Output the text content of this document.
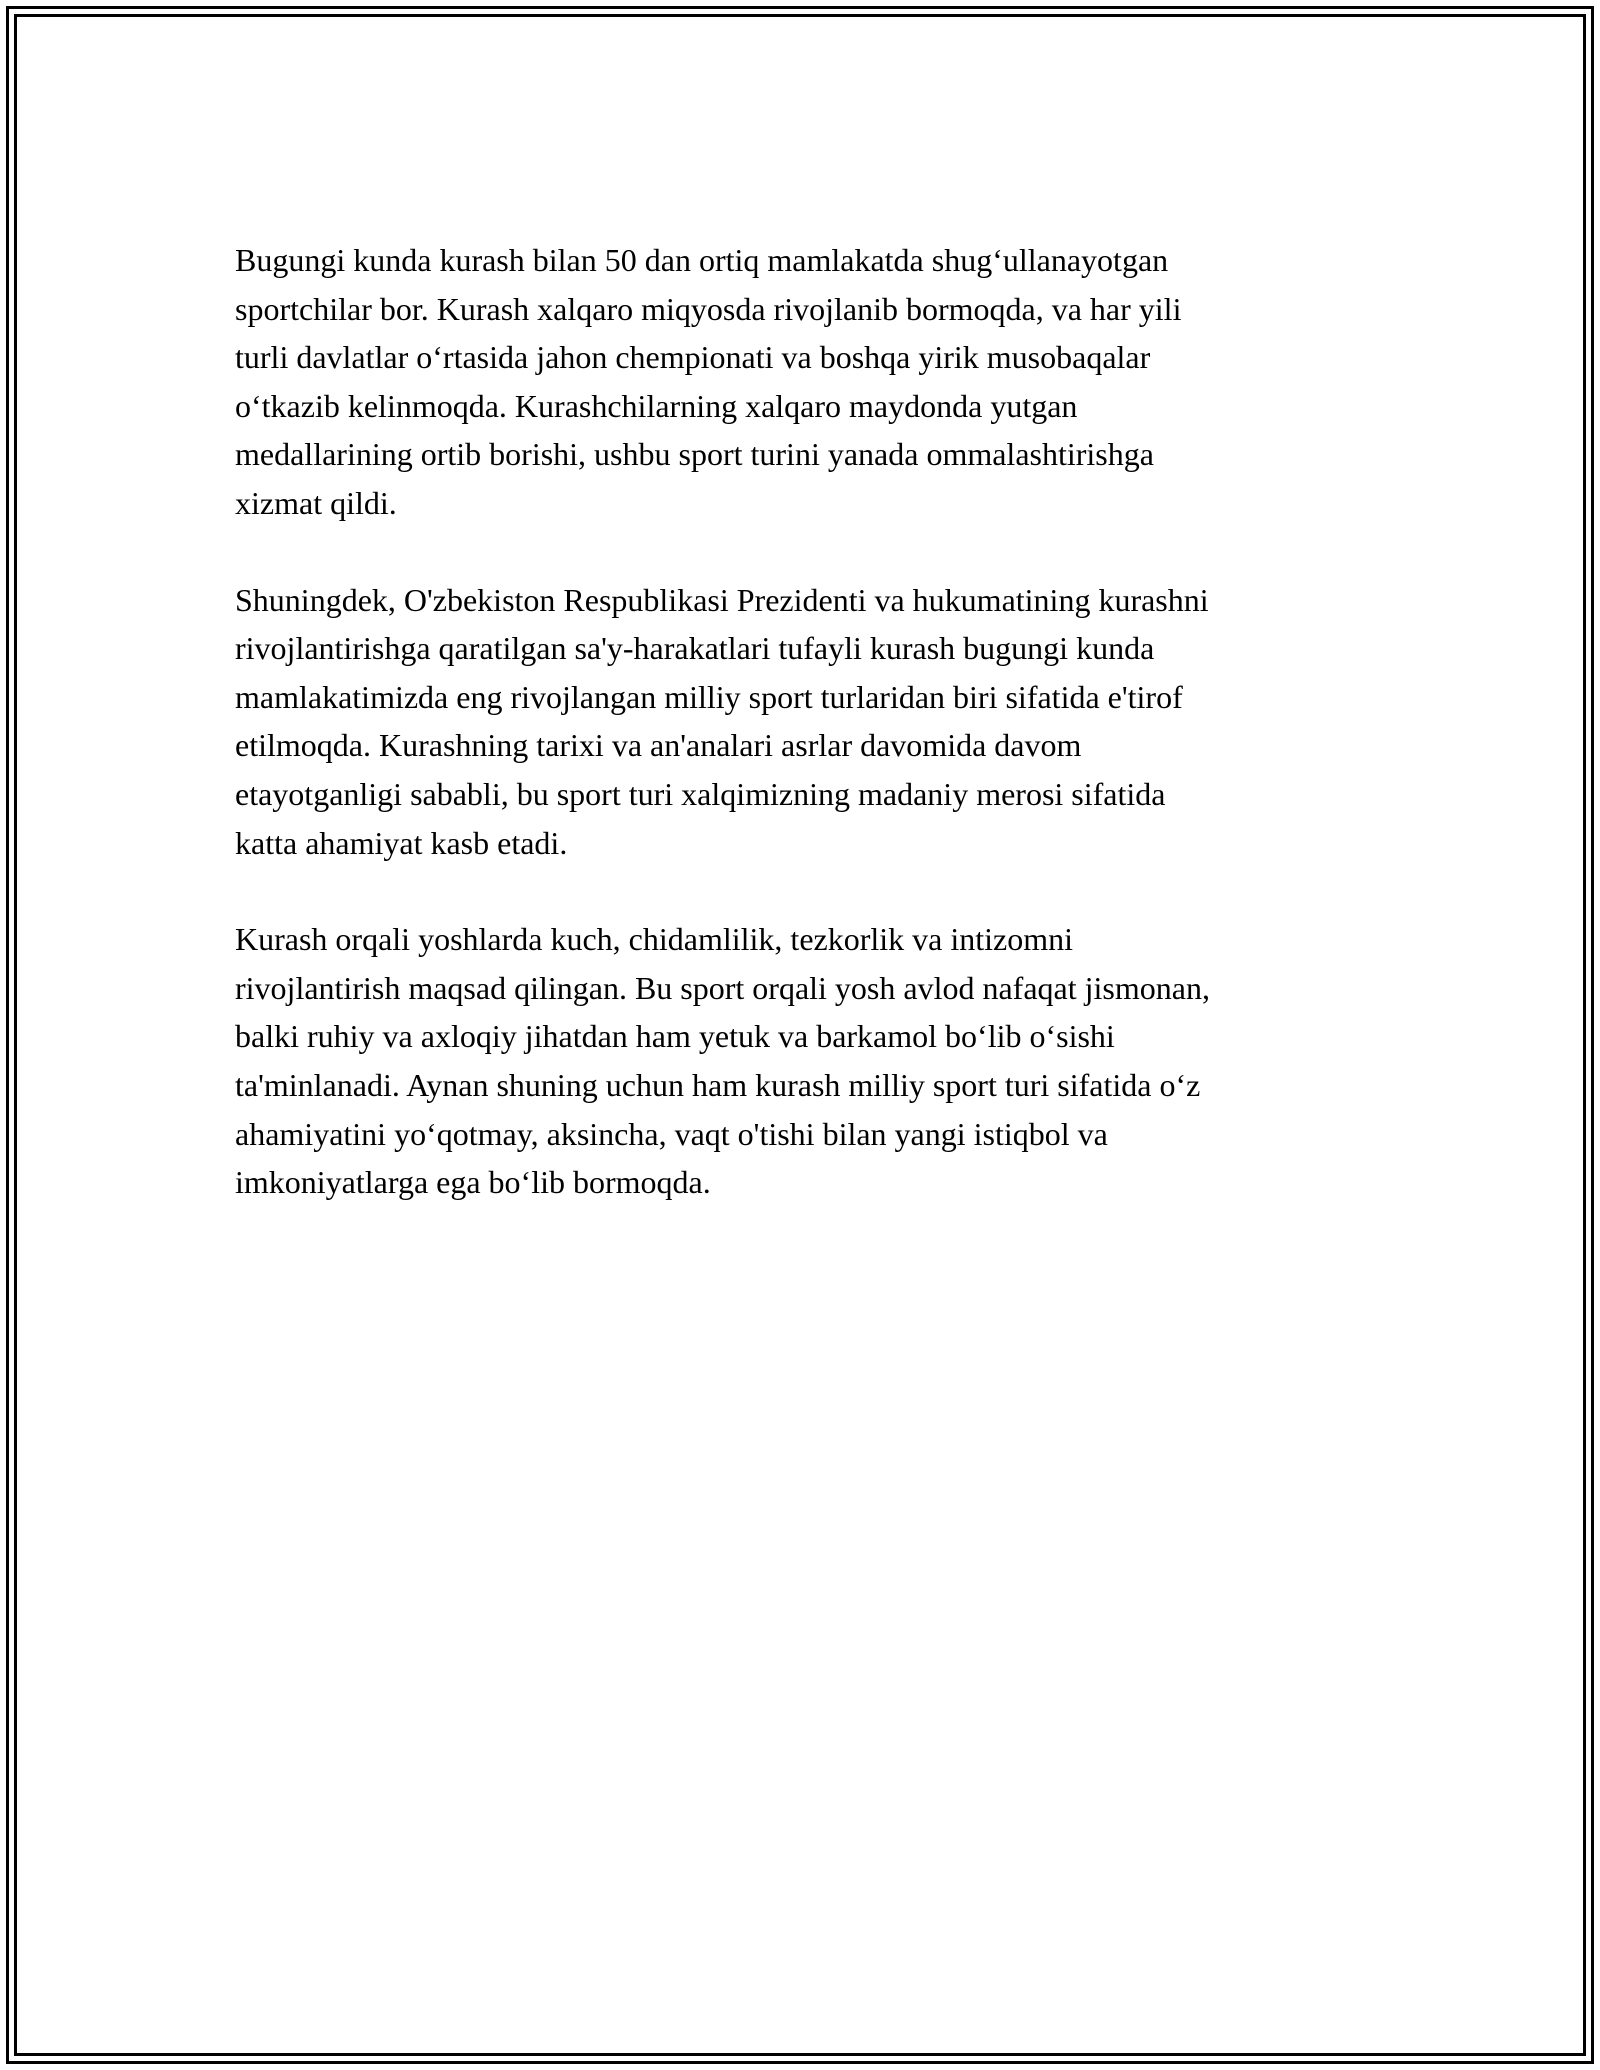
Bugungi kunda kurash bilan 50 dan ortiq mamlakatda shug‘ullanayotgan
sportchilar bor. Kurash xalqaro miqyosda rivojlanib bormoqda, va har yili
turli davlatlar o‘rtasida jahon chempionati va boshqa yirik musobaqalar
o‘tkazib kelinmoqda. Kurashchilarning xalqaro maydonda yutgan
medallarining ortib borishi, ushbu sport turini yanada ommalashtirishga
xizmat qildi.

Shuningdek, O'zbekiston Respublikasi Prezidenti va hukumatining kurashni
rivojlantirishga qaratilgan sa'y-harakatlari tufayli kurash bugungi kunda
mamlakatimizda eng rivojlangan milliy sport turlaridan biri sifatida e'tirof
etilmoqda. Kurashning tarixi va an'analari asrlar davomida davom
etayotganligi sababli, bu sport turi xalqimizning madaniy merosi sifatida
katta ahamiyat kasb etadi.

Kurash orqali yoshlarda kuch, chidamlilik, tezkorlik va intizomni
rivojlantirish maqsad qilingan. Bu sport orqali yosh avlod nafaqat jismonan,
balki ruhiy va axloqiy jihatdan ham yetuk va barkamol bo‘lib o‘sishi
ta'minlanadi. Aynan shuning uchun ham kurash milliy sport turi sifatida o‘z
ahamiyatini yo‘qotmay, aksincha, vaqt o'tishi bilan yangi istiqbol va
imkoniyatlarga ega bo‘lib bormoqda.
